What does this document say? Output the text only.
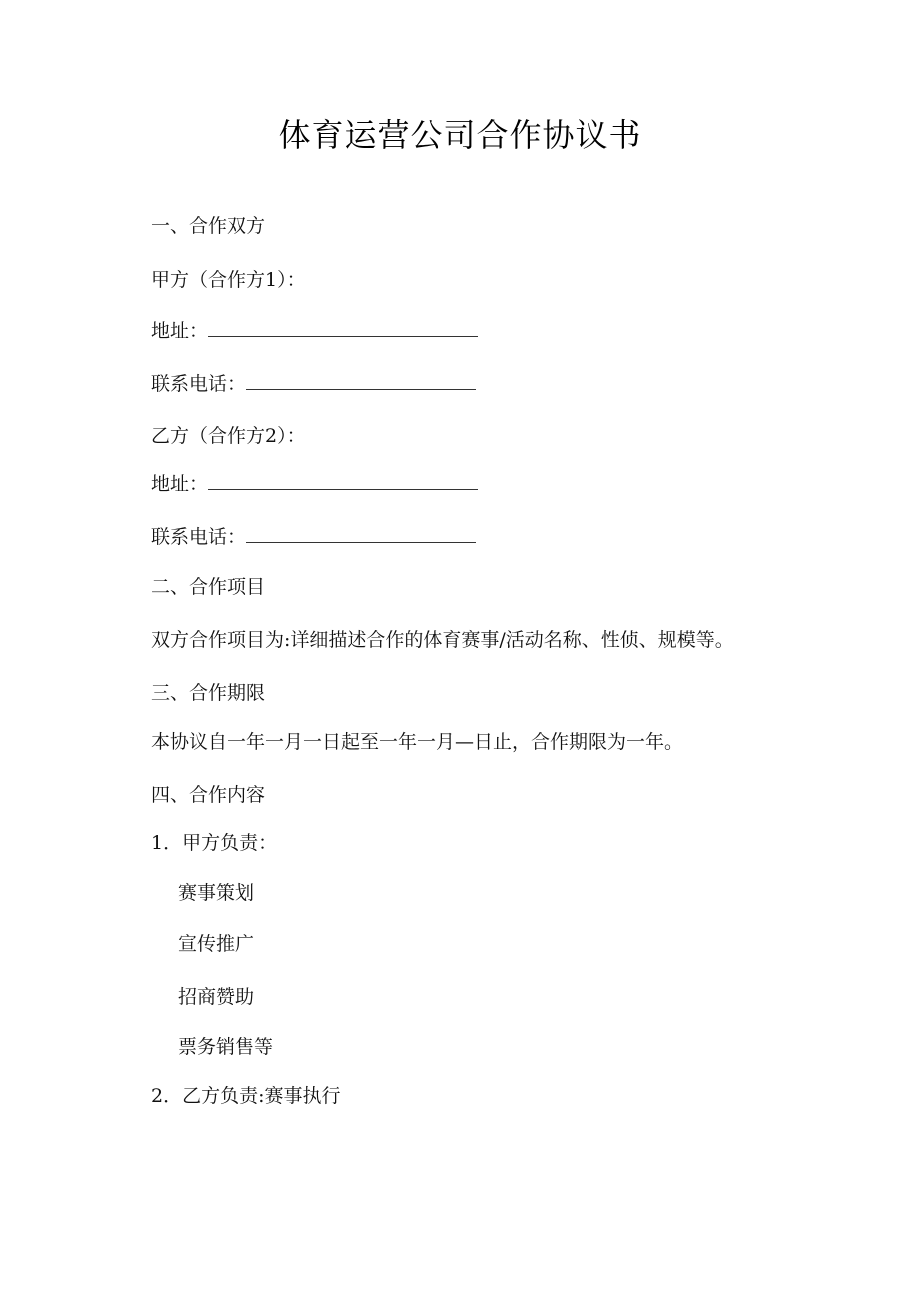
体育运营公司合作协议书
一、合作双方
甲方（合作方1）：
地址：
联系电话：
乙方（合作方2）：
地址：
联系电话：
二、合作项目
双方合作项目为:详细描述合作的体育赛事/活动名称、性侦、规模等。
三、合作期限
本协议自一年一月一日起至一年一月—日止，合作期限为一年。
四、合作内容
1．甲方负责：
赛事策划
宣传推广
招商赞助
票务销售等
2．乙方负责:赛事执行
